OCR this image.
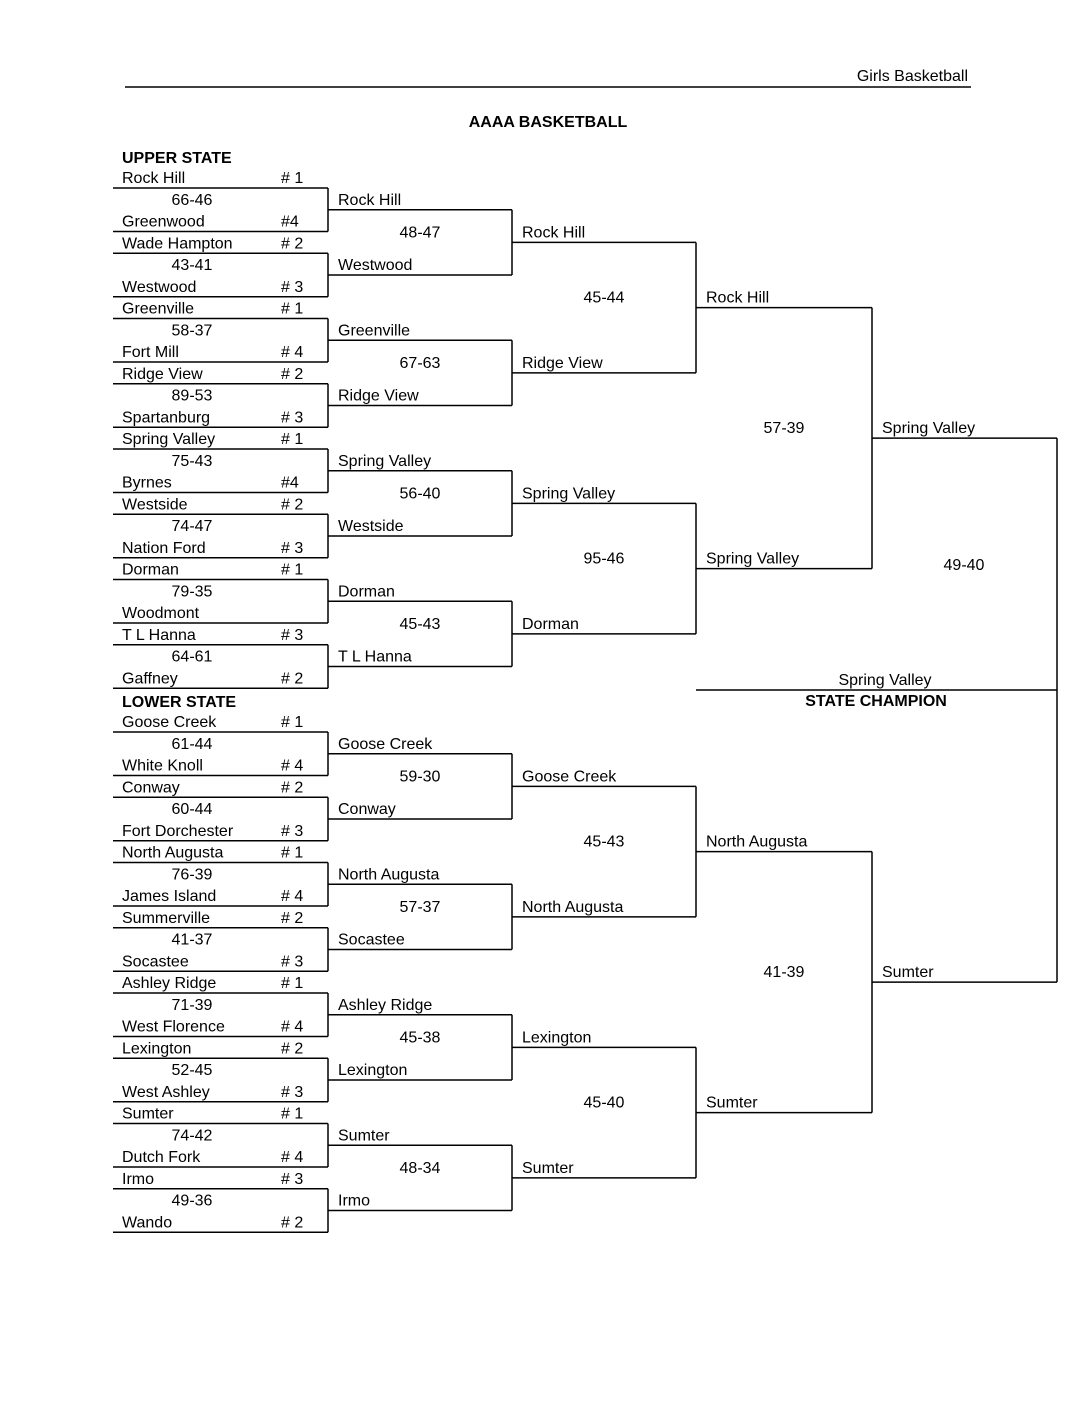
Girls Basketball
AAAA BASKETBALL
UPPER STATE
LOWER STATE
Spring Valley
STATE CHAMPION
Rock Hill	# 1
66-46
Greenwood	#4
Wade Hampton	# 2
43-41
Westwood	# 3
Greenville	# 1
58-37
Fort Mill	# 4
Ridge View	# 2
89-53
Spartanburg	# 3
Spring Valley	# 1
75-43
Byrnes	#4
Westside	# 2
74-47
Nation Ford	# 3
Dorman	# 1
79-35
Woodmont
T L Hanna	# 3
64-61
Gaffney	# 2
Rock Hill
48-47
Westwood
Greenville
67-63
Ridge View
Spring Valley
56-40
Westside
Dorman
45-43
T L Hanna
Rock Hill
45-44
Ridge View
Spring Valley
95-46
Dorman
Rock Hill
57-39
Spring Valley
Goose Creek	# 1
61-44
White Knoll	# 4
Conway	# 2
60-44
Fort Dorchester	# 3
North Augusta	# 1
76-39
James Island	# 4
Summerville	# 2
41-37
Socastee	# 3
Ashley Ridge	# 1
71-39
West Florence	# 4
Lexington	# 2
52-45
West Ashley	# 3
Sumter	# 1
74-42
Dutch Fork	# 4
Irmo	# 3
49-36
Wando	# 2
Goose Creek
59-30
Conway
North Augusta
57-37
Socastee
Ashley Ridge
45-38
Lexington
Sumter
48-34
Irmo
Goose Creek
45-43
North Augusta
Lexington
45-40
Sumter
North Augusta
41-39
Sumter
Spring Valley
49-40
Sumter
